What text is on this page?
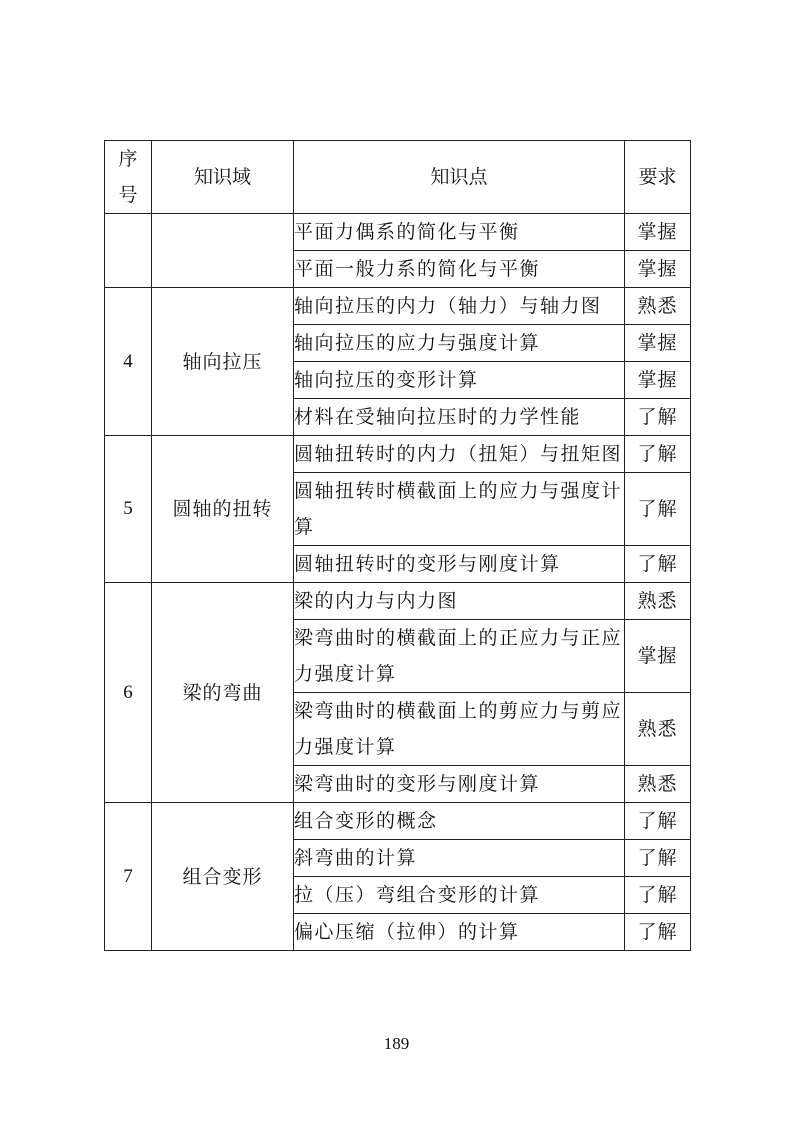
序
号	知识域	知识点	要求
		平面力偶系的简化与平衡	掌握
		平面一般力系的简化与平衡	掌握
4	轴向拉压	轴向拉压的内力（轴力）与轴力图	熟悉
		轴向拉压的应力与强度计算	掌握
		轴向拉压的变形计算	掌握
		材料在受轴向拉压时的力学性能	了解
5	圆轴的扭转	圆轴扭转时的内力（扭矩）与扭矩图	了解
		圆轴扭转时横截面上的应力与强度计算	了解
		圆轴扭转时的变形与刚度计算	了解
6	梁的弯曲	梁的内力与内力图	熟悉
		梁弯曲时的横截面上的正应力与正应力强度计算	掌握
		梁弯曲时的横截面上的剪应力与剪应力强度计算	熟悉
		梁弯曲时的变形与刚度计算	熟悉
7	组合变形	组合变形的概念	了解
		斜弯曲的计算	了解
		拉（压）弯组合变形的计算	了解
		偏心压缩（拉伸）的计算	了解
189
